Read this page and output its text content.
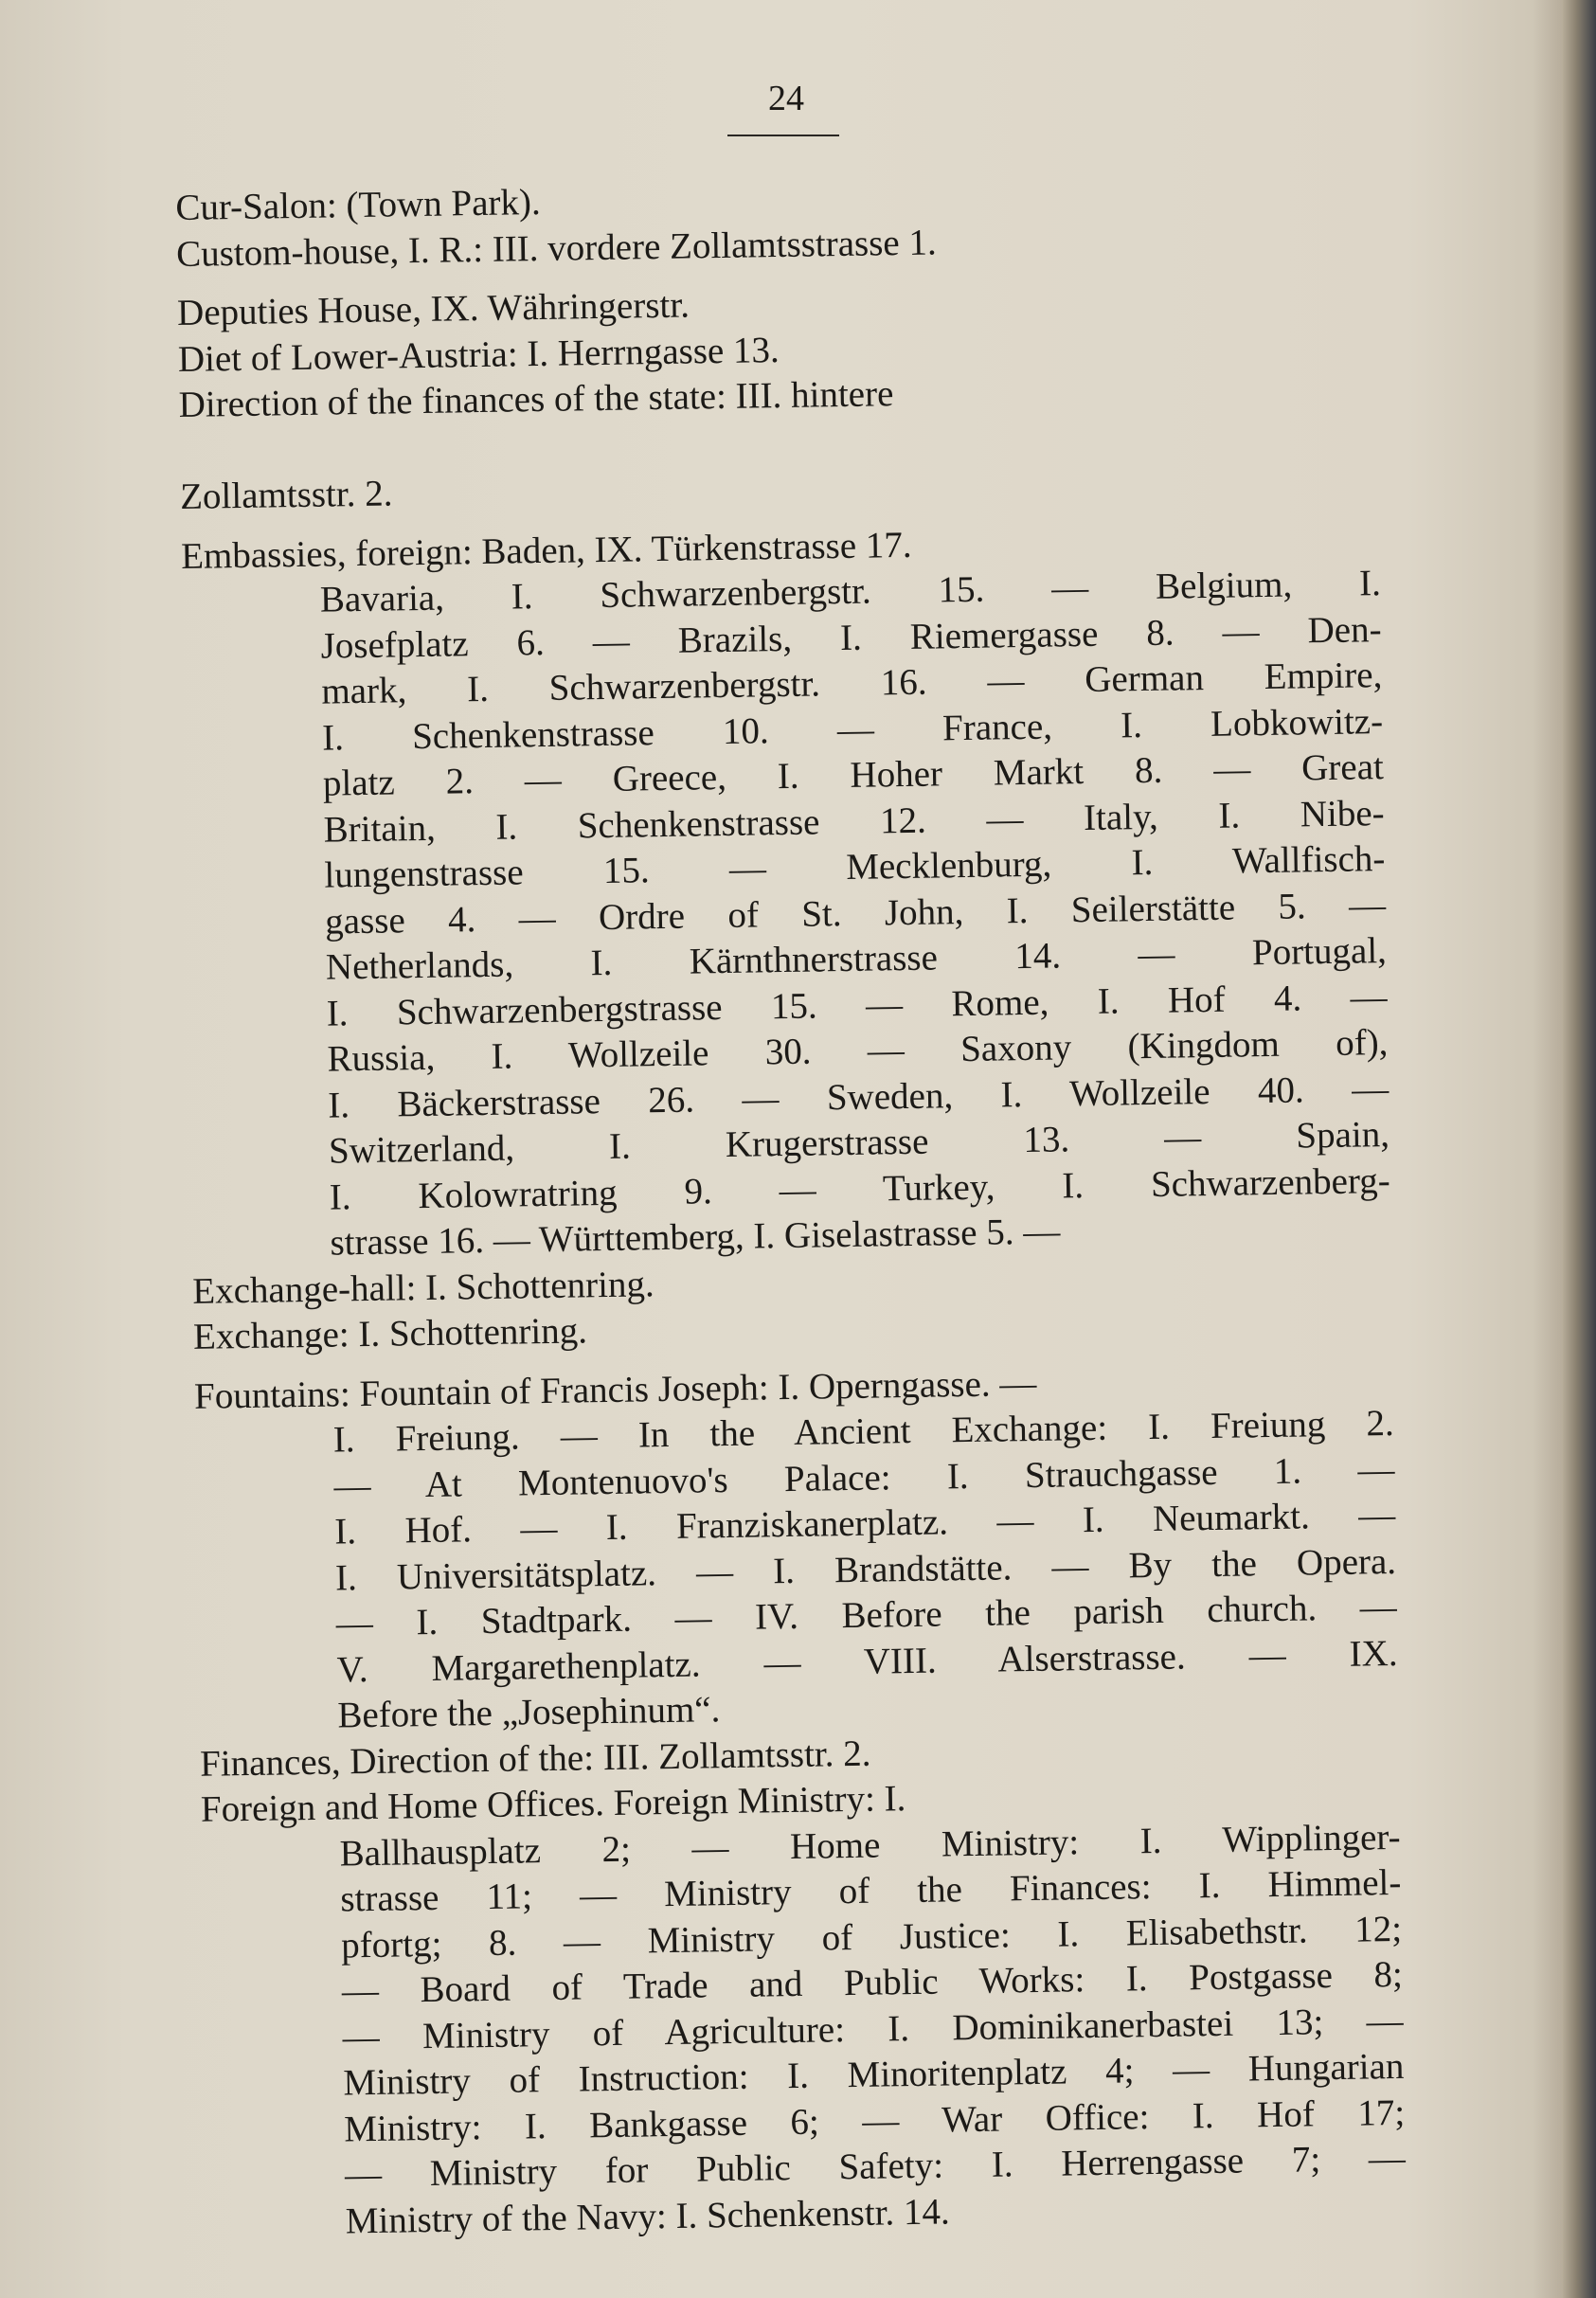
24

Cur-Salon: (Town Park).

Custom-house, I. R.: III. vordere Zollamtsstrasse 1.

Deputies House, IX. Währingerstr.

Diet of Lower-Austria: I. Herrngasse 13.

Direction of the finances of the state: III. hintere
Zollamtsstr. 2.

Embassies, foreign: Baden, IX. Türkenstrasse 17.
Bavaria, I. Schwarzenbergstr. 15. — Belgium, I.
Josefplatz 6. — Brazils, I. Riemergasse 8. — Den-
mark, I. Schwarzenbergstr. 16. — German Empire,
I. Schenkenstrasse 10. — France, I. Lobkowitz-
platz 2. — Greece, I. Hoher Markt 8. — Great
Britain, I. Schenkenstrasse 12. — Italy, I. Nibe-
lungenstrasse 15. — Mecklenburg, I. Wallfisch-
gasse 4. — Ordre of St. John, I. Seilerstätte 5. —
Netherlands, I. Kärnthnerstrasse 14. — Portugal,
I. Schwarzenbergstrasse 15. — Rome, I. Hof 4. —
Russia, I. Wollzeile 30. — Saxony (Kingdom of),
I. Bäckerstrasse 26. — Sweden, I. Wollzeile 40. —
Switzerland, I. Krugerstrasse 13. — Spain,
I. Kolowratring 9. — Turkey, I. Schwarzenberg-
strasse 16. — Württemberg, I. Giselastrasse 5. —

Exchange-hall: I. Schottenring.

Exchange: I. Schottenring.

Fountains: Fountain of Francis Joseph: I. Operngasse. —
I. Freiung. — In the Ancient Exchange: I. Freiung 2.
— At Montenuovo's Palace: I. Strauchgasse 1. —
I. Hof. — I. Franziskanerplatz. — I. Neumarkt. —
I. Universitätsplatz. — I. Brandstätte. — By the Opera.
— I. Stadtpark. — IV. Before the parish church. —
V. Margarethenplatz. — VIII. Alserstrasse. — IX.
Before the „Josephinum“.

Finances, Direction of the: III. Zollamtsstr. 2.

Foreign and Home Offices. Foreign Ministry: I.
Ballhausplatz 2; — Home Ministry: I. Wipplinger-
strasse 11; — Ministry of the Finances: I. Himmel-
pfortg; 8. — Ministry of Justice: I. Elisabethstr. 12;
— Board of Trade and Public Works: I. Postgasse 8;
— Ministry of Agriculture: I. Dominikanerbastei 13; —
Ministry of Instruction: I. Minoritenplatz 4; — Hungarian
Ministry: I. Bankgasse 6; — War Office: I. Hof 17;
— Ministry for Public Safety: I. Herrengasse 7; —
Ministry of the Navy: I. Schenkenstr. 14.
